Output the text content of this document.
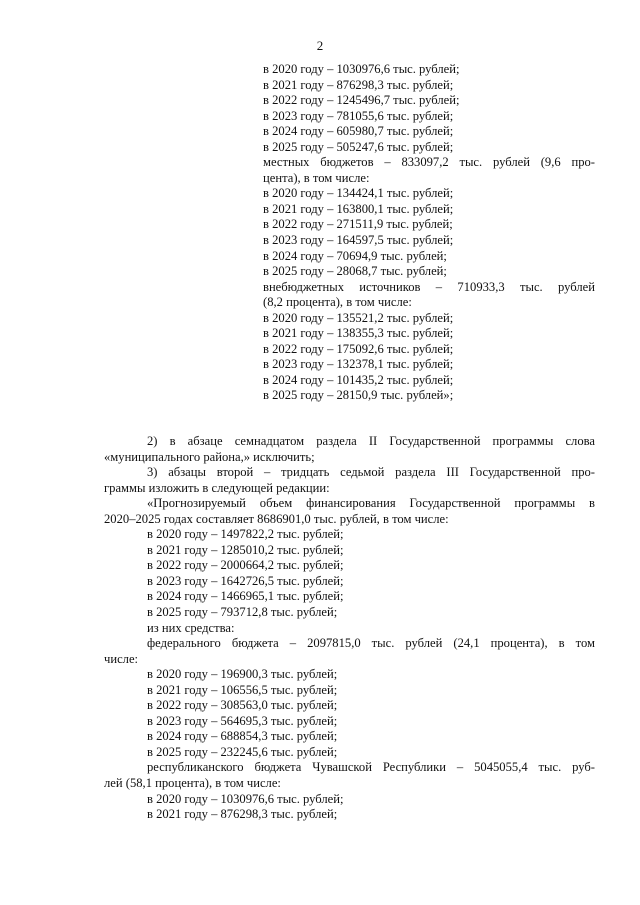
2
в 2020 году – 1030976,6 тыс. рублей;
в 2021 году – 876298,3 тыс. рублей;
в 2022 году – 1245496,7 тыс. рублей;
в 2023 году – 781055,6 тыс. рублей;
в 2024 году – 605980,7 тыс. рублей;
в 2025 году – 505247,6 тыс. рублей;
местных бюджетов – 833097,2 тыс. рублей (9,6 про-
цента), в том числе:
в 2020 году – 134424,1 тыс. рублей;
в 2021 году – 163800,1 тыс. рублей;
в 2022 году – 271511,9 тыс. рублей;
в 2023 году – 164597,5 тыс. рублей;
в 2024 году – 70694,9 тыс. рублей;
в 2025 году – 28068,7 тыс. рублей;
внебюджетных источников – 710933,3 тыс. рублей
(8,2 процента), в том числе:
в 2020 году – 135521,2 тыс. рублей;
в 2021 году – 138355,3 тыс. рублей;
в 2022 году – 175092,6 тыс. рублей;
в 2023 году – 132378,1 тыс. рублей;
в 2024 году – 101435,2 тыс. рублей;
в 2025 году – 28150,9 тыс. рублей»;
2) в абзаце семнадцатом раздела II Государственной программы слова
«муниципального района,» исключить;
3) абзацы второй – тридцать седьмой раздела III Государственной про-
граммы изложить в следующей редакции:
«Прогнозируемый объем финансирования Государственной программы в
2020–2025 годах составляет 8686901,0 тыс. рублей, в том числе:
в 2020 году – 1497822,2 тыс. рублей;
в 2021 году – 1285010,2 тыс. рублей;
в 2022 году – 2000664,2 тыс. рублей;
в 2023 году – 1642726,5 тыс. рублей;
в 2024 году – 1466965,1 тыс. рублей;
в 2025 году – 793712,8 тыс. рублей;
из них средства:
федерального бюджета – 2097815,0 тыс. рублей (24,1 процента), в том
числе:
в 2020 году – 196900,3 тыс. рублей;
в 2021 году – 106556,5 тыс. рублей;
в 2022 году – 308563,0 тыс. рублей;
в 2023 году – 564695,3 тыс. рублей;
в 2024 году – 688854,3 тыс. рублей;
в 2025 году – 232245,6 тыс. рублей;
республиканского бюджета Чувашской Республики – 5045055,4 тыс. руб-
лей (58,1 процента), в том числе:
в 2020 году – 1030976,6 тыс. рублей;
в 2021 году – 876298,3 тыс. рублей;
